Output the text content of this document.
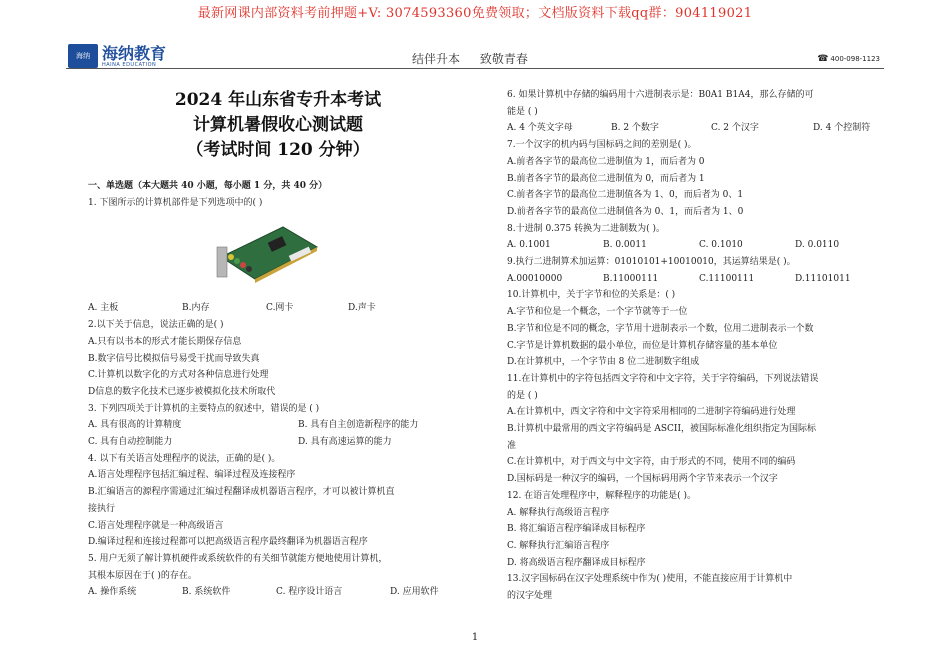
最新网课内部资料考前押题+V: 3074593360免费领取；文档版资料下载qq群：904119021
海纳 海纳教育
HAINA EDUCATION	结伴升本 致敬青春	☎ 400-098-1123
2024 年山东省专升本考试
计算机暑假收心测试题
（考试时间 120 分钟）
一、单选题（本大题共 40 小题，每小题 1 分，共 40 分）
1. 下图所示的计算机部件是下列选项中的( )
A. 主板	B.内存	C.网卡	D.声卡
2.以下关于信息，说法正确的是( )
A.只有以书本的形式才能长期保存信息
B.数字信号比模拟信号易受干扰而导致失真
C.计算机以数字化的方式对各种信息进行处理
D信息的数字化技术已逐步被模拟化技术所取代
3. 下列四项关于计算机的主要特点的叙述中，错误的是 ( )
A. 具有很高的计算精度	B. 具有自主创造新程序的能力
C. 具有自动控制能力	D. 具有高速运算的能力
4. 以下有关语言处理程序的说法，正确的是( )。
A.语言处理程序包括汇编过程、编译过程及连接程序
B.汇编语言的源程序需通过汇编过程翻译成机器语言程序，才可以被计算机直
接执行
C.语言处理程序就是一种高级语言
D.编译过程和连接过程都可以把高级语言程序最终翻译为机器语言程序
5. 用户无须了解计算机硬件或系统软件的有关细节就能方便地使用计算机，
其根本原因在于( )的存在。
A. 操作系统	B. 系统软件	C. 程序设计语言	D. 应用软件
6. 如果计算机中存储的编码用十六进制表示是：B0A1 B1A4，那么存储的可
能是 ( )
A. 4 个英文字母	B. 2 个数字	C. 2 个汉字	D. 4 个控制符
7.一个汉字的机内码与国标码之间的差别是( )。
A.前者各字节的最高位二进制值为 1，而后者为 0
B.前者各字节的最高位二进制值为 0，而后者为 1
C.前者各字节的最高位二进制值各为 1、0，而后者为 0、1
D.前者各字节的最高位二进制值各为 0、1，而后者为 1、0
8.十进制 0.375 转换为二进制数为( )。
A. 0.1001	B. 0.0011	C. 0.1010	D. 0.0110
9.执行二进制算术加运算：01010101+10010010，其运算结果是( )。
A.00010000	B.11000111	C.11100111	D.11101011
10.计算机中，关于字节和位的关系是：( )
A.字节和位是一个概念，一个字节就等于一位
B.字节和位是不同的概念，字节用十进制表示一个数，位用二进制表示一个数
C.字节是计算机数据的最小单位，而位是计算机存储容量的基本单位
D.在计算机中，一个字节由 8 位二进制数字组成
11.在计算机中的字符包括西文字符和中文字符，关于字符编码，下列说法错误
的是 ( )
A.在计算机中，西文字符和中文字符采用相同的二进制字符编码进行处理
B.计算机中最常用的西文字符编码是 ASCII，被国际标准化组织指定为国际标
准
C.在计算机中，对于西文与中文字符，由于形式的不同，使用不同的编码
D.国标码是一种汉字的编码，一个国标码用两个字节来表示一个汉字
12. 在语言处理程序中，解释程序的功能是( )。
A. 解释执行高级语言程序
B. 将汇编语言程序编译成目标程序
C. 解释执行汇编语言程序
D. 将高级语言程序翻译成目标程序
13.汉字国标码在汉字处理系统中作为( )使用，不能直接应用于计算机中
的汉字处理
1
